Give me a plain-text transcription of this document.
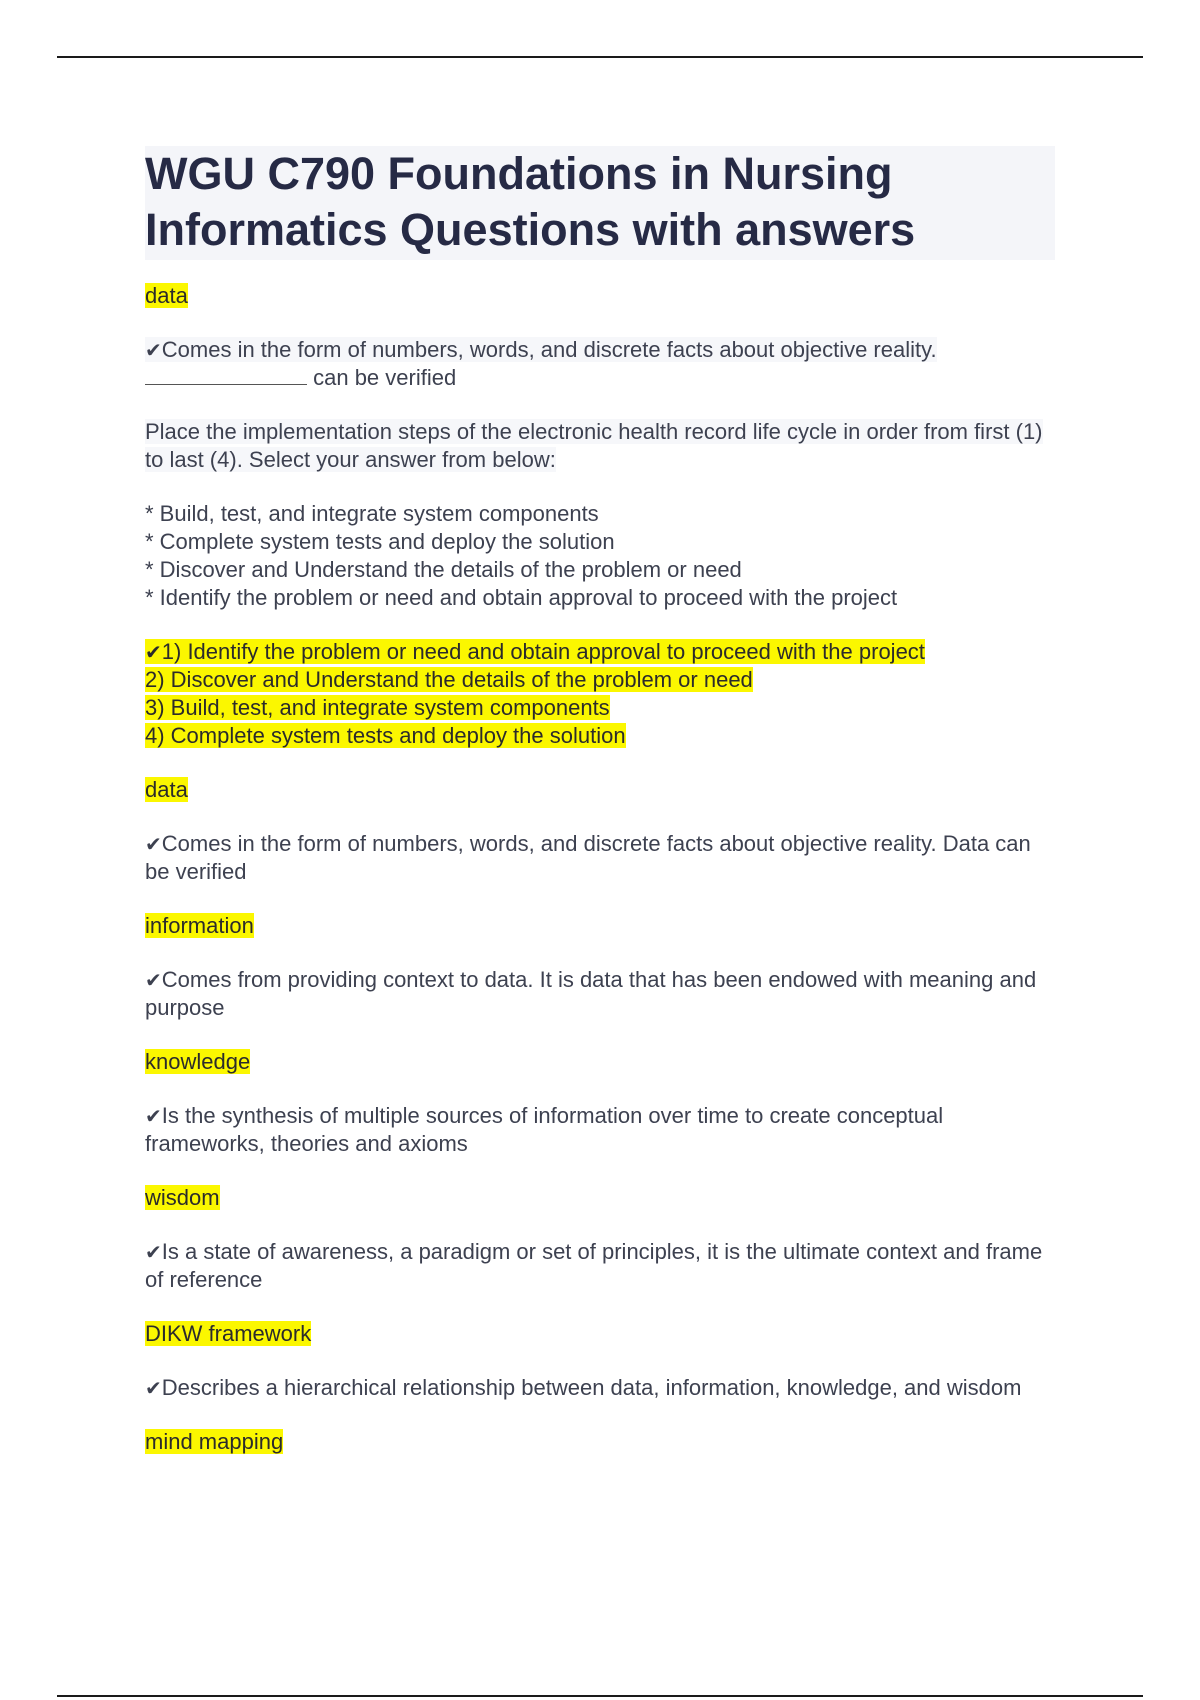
WGU C790 Foundations in Nursing
Informatics Questions with answers
data
✔Comes in the form of numbers, words, and discrete facts about objective reality.
can be verified
Place the implementation steps of the electronic health record life cycle in order from first (1) to last (4). Select your answer from below:
* Build, test, and integrate system components
* Complete system tests and deploy the solution
* Discover and Understand the details of the problem or need
* Identify the problem or need and obtain approval to proceed with the project
✔1) Identify the problem or need and obtain approval to proceed with the project
2) Discover and Understand the details of the problem or need
3) Build, test, and integrate system components
4) Complete system tests and deploy the solution
data
✔Comes in the form of numbers, words, and discrete facts about objective reality. Data can be verified
information
✔Comes from providing context to data. It is data that has been endowed with meaning and purpose
knowledge
✔Is the synthesis of multiple sources of information over time to create conceptual frameworks, theories and axioms
wisdom
✔Is a state of awareness, a paradigm or set of principles, it is the ultimate context and frame of reference
DIKW framework
✔Describes a hierarchical relationship between data, information, knowledge, and wisdom
mind mapping
